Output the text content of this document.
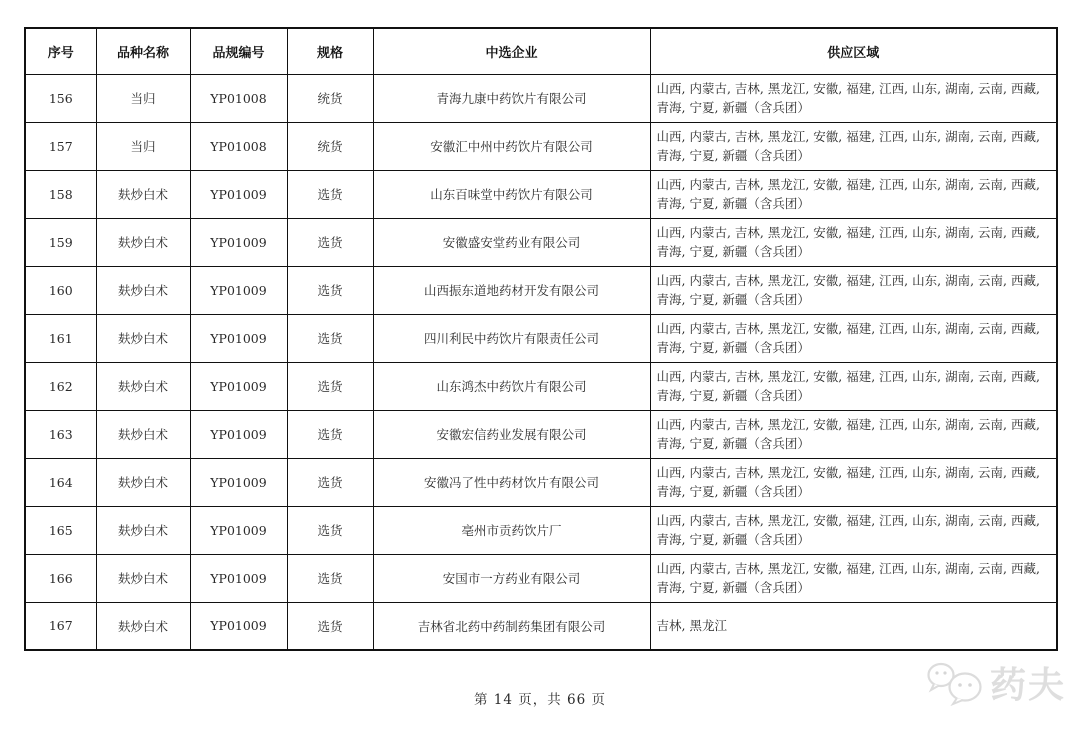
序号	品种名称	品规编号	规格	中选企业	供应区域
156	当归	YP01008	统货	青海九康中药饮片有限公司	山西, 内蒙古, 吉林, 黑龙江, 安徽, 福建, 江西, 山东, 湖南, 云南, 西藏, 青海, 宁夏, 新疆（含兵团）
157	当归	YP01008	统货	安徽汇中州中药饮片有限公司	山西, 内蒙古, 吉林, 黑龙江, 安徽, 福建, 江西, 山东, 湖南, 云南, 西藏, 青海, 宁夏, 新疆（含兵团）
158	麸炒白术	YP01009	选货	山东百味堂中药饮片有限公司	山西, 内蒙古, 吉林, 黑龙江, 安徽, 福建, 江西, 山东, 湖南, 云南, 西藏, 青海, 宁夏, 新疆（含兵团）
159	麸炒白术	YP01009	选货	安徽盛安堂药业有限公司	山西, 内蒙古, 吉林, 黑龙江, 安徽, 福建, 江西, 山东, 湖南, 云南, 西藏, 青海, 宁夏, 新疆（含兵团）
160	麸炒白术	YP01009	选货	山西振东道地药材开发有限公司	山西, 内蒙古, 吉林, 黑龙江, 安徽, 福建, 江西, 山东, 湖南, 云南, 西藏, 青海, 宁夏, 新疆（含兵团）
161	麸炒白术	YP01009	选货	四川利民中药饮片有限责任公司	山西, 内蒙古, 吉林, 黑龙江, 安徽, 福建, 江西, 山东, 湖南, 云南, 西藏, 青海, 宁夏, 新疆（含兵团）
162	麸炒白术	YP01009	选货	山东鸿杰中药饮片有限公司	山西, 内蒙古, 吉林, 黑龙江, 安徽, 福建, 江西, 山东, 湖南, 云南, 西藏, 青海, 宁夏, 新疆（含兵团）
163	麸炒白术	YP01009	选货	安徽宏信药业发展有限公司	山西, 内蒙古, 吉林, 黑龙江, 安徽, 福建, 江西, 山东, 湖南, 云南, 西藏, 青海, 宁夏, 新疆（含兵团）
164	麸炒白术	YP01009	选货	安徽冯了性中药材饮片有限公司	山西, 内蒙古, 吉林, 黑龙江, 安徽, 福建, 江西, 山东, 湖南, 云南, 西藏, 青海, 宁夏, 新疆（含兵团）
165	麸炒白术	YP01009	选货	亳州市贡药饮片厂	山西, 内蒙古, 吉林, 黑龙江, 安徽, 福建, 江西, 山东, 湖南, 云南, 西藏, 青海, 宁夏, 新疆（含兵团）
166	麸炒白术	YP01009	选货	安国市一方药业有限公司	山西, 内蒙古, 吉林, 黑龙江, 安徽, 福建, 江西, 山东, 湖南, 云南, 西藏, 青海, 宁夏, 新疆（含兵团）
167	麸炒白术	YP01009	选货	吉林省北药中药制药集团有限公司	吉林, 黑龙江
第 14 页，共 66 页	药夫
